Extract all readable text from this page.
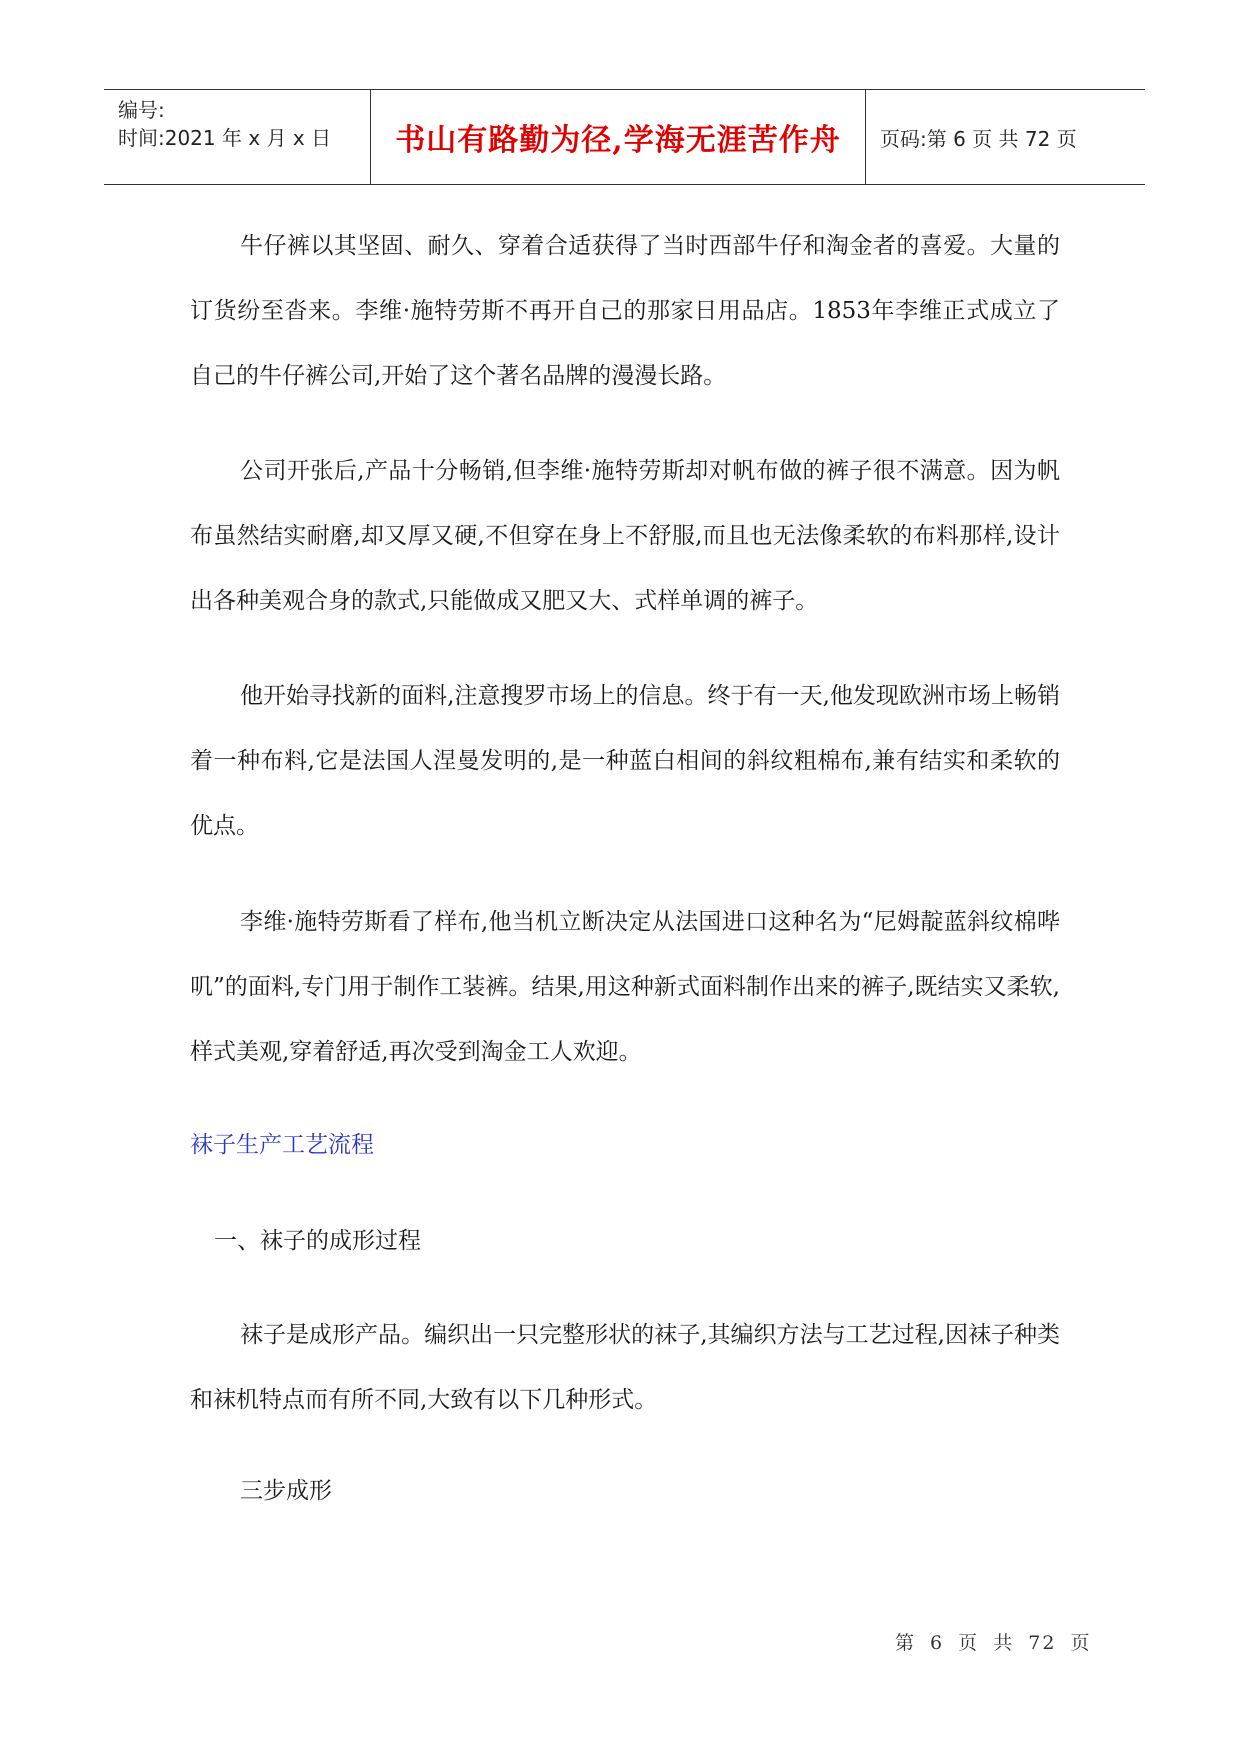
编号:
时间:2021 年 x 月 x 日	书山有路勤为径,学海无涯苦作舟	页码:第 6 页 共 72 页

牛仔裤以其坚固、耐久、穿着合适获得了当时西部牛仔和淘金者的喜爱。大量的订货纷至沓来。李维·施特劳斯不再开自己的那家日用品店。1853年李维正式成立了自己的牛仔裤公司,开始了这个著名品牌的漫漫长路。

公司开张后,产品十分畅销,但李维·施特劳斯却对帆布做的裤子很不满意。因为帆布虽然结实耐磨,却又厚又硬,不但穿在身上不舒服,而且也无法像柔软的布料那样,设计出各种美观合身的款式,只能做成又肥又大、式样单调的裤子。

他开始寻找新的面料,注意搜罗市场上的信息。终于有一天,他发现欧洲市场上畅销着一种布料,它是法国人涅曼发明的,是一种蓝白相间的斜纹粗棉布,兼有结实和柔软的优点。

李维·施特劳斯看了样布,他当机立断决定从法国进口这种名为“尼姆靛蓝斜纹棉哔叽”的面料,专门用于制作工装裤。结果,用这种新式面料制作出来的裤子,既结实又柔软,样式美观,穿着舒适,再次受到淘金工人欢迎。

袜子生产工艺流程

一、袜子的成形过程

袜子是成形产品。编织出一只完整形状的袜子,其编织方法与工艺过程,因袜子种类和袜机特点而有所不同,大致有以下几种形式。

三步成形

第 6 页 共 72 页
